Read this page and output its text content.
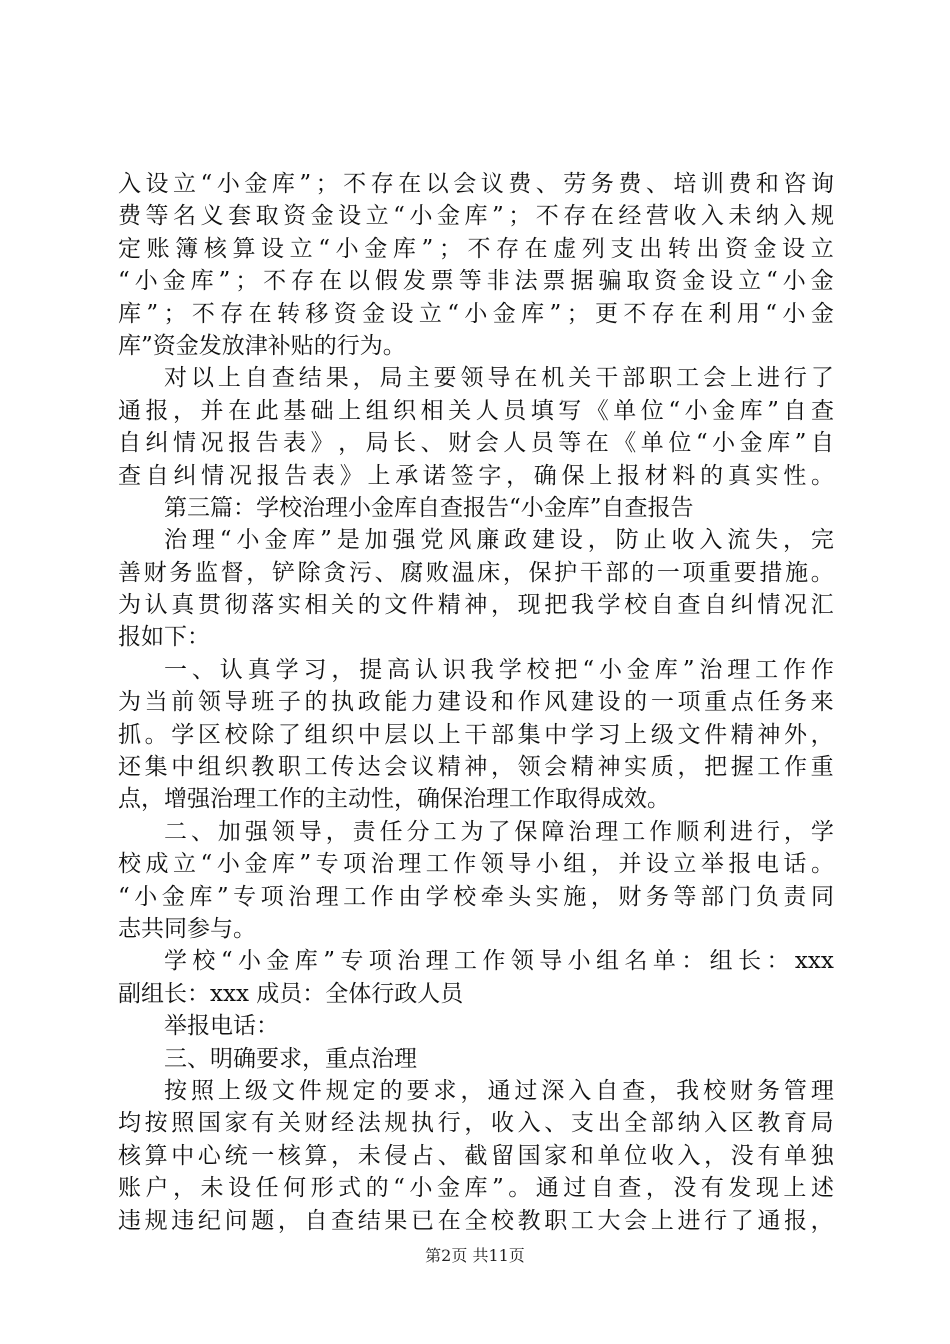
入 设 立 “ 小 金 库 ” ； 不 存 在 以 会 议 费 、 劳 务 费 、 培 训 费 和 咨 询
费 等 名 义 套 取 资 金 设 立 “ 小 金 库 ” ； 不 存 在 经 营 收 入 未 纳 入 规
定 账 簿 核 算 设 立 “ 小 金 库 ” ； 不 存 在 虚 列 支 出 转 出 资 金 设 立
“ 小 金 库 ” ； 不 存 在 以 假 发 票 等 非 法 票 据 骗 取 资 金 设 立 “ 小 金
库 ” ； 不 存 在 转 移 资 金 设 立 “ 小 金 库 ” ； 更 不 存 在 利 用 “ 小 金
库”资金发放津补贴的行为。
对 以 上 自 查 结 果 ， 局 主 要 领 导 在 机 关 干 部 职 工 会 上 进 行 了
通 报 ， 并 在 此 基 础 上 组 织 相 关 人 员 填 写 《 单 位 “ 小 金 库 ” 自 查
自 纠 情 况 报 告 表 》 ， 局 长 、 财 会 人 员 等 在 《 单 位 “ 小 金 库 ” 自
查 自 纠 情 况 报 告 表 》 上 承 诺 签 字 ， 确 保 上 报 材 料 的 真 实 性 。
第三篇：学校治理小金库自查报告“小金库”自查报告
治 理 “ 小 金 库 ” 是 加 强 党 风 廉 政 建 设 ， 防 止 收 入 流 失 ， 完
善 财 务 监 督 ， 铲 除 贪 污 、 腐 败 温 床 ， 保 护 干 部 的 一 项 重 要 措 施 。
为 认 真 贯 彻 落 实 相 关 的 文 件 精 神 ， 现 把 我 学 校 自 查 自 纠 情 况 汇
报如下：
一 、 认 真 学 习 ， 提 高 认 识 我 学 校 把 “ 小 金 库 ” 治 理 工 作 作
为 当 前 领 导 班 子 的 执 政 能 力 建 设 和 作 风 建 设 的 一 项 重 点 任 务 来
抓 。 学 区 校 除 了 组 织 中 层 以 上 干 部 集 中 学 习 上 级 文 件 精 神 外 ，
还 集 中 组 织 教 职 工 传 达 会 议 精 神 ， 领 会 精 神 实 质 ， 把 握 工 作 重
点，增强治理工作的主动性，确保治理工作取得成效。
二 、 加 强 领 导 ， 责 任 分 工 为 了 保 障 治 理 工 作 顺 利 进 行 ， 学
校 成 立 “ 小 金 库 ” 专 项 治 理 工 作 领 导 小 组 ， 并 设 立 举 报 电 话 。
“ 小 金 库 ” 专 项 治 理 工 作 由 学 校 牵 头 实 施 ， 财 务 等 部 门 负 责 同
志共同参与。
学 校 “ 小 金 库 ” 专 项 治 理 工 作 领 导 小 组 名 单 ： 组 长 ： xxx
副组长：xxx 成员：全体行政人员
举报电话：
三、明确要求，重点治理
按 照 上 级 文 件 规 定 的 要 求 ， 通 过 深 入 自 查 ， 我 校 财 务 管 理
均 按 照 国 家 有 关 财 经 法 规 执 行 ， 收 入 、 支 出 全 部 纳 入 区 教 育 局
核 算 中 心 统 一 核 算 ， 未 侵 占 、 截 留 国 家 和 单 位 收 入 ， 没 有 单 独
账 户 ， 未 设 任 何 形 式 的 “ 小 金 库 ” 。 通 过 自 查 ， 没 有 发 现 上 述
违 规 违 纪 问 题 ， 自 查 结 果 已 在 全 校 教 职 工 大 会 上 进 行 了 通 报 ，
第2页 共11页
